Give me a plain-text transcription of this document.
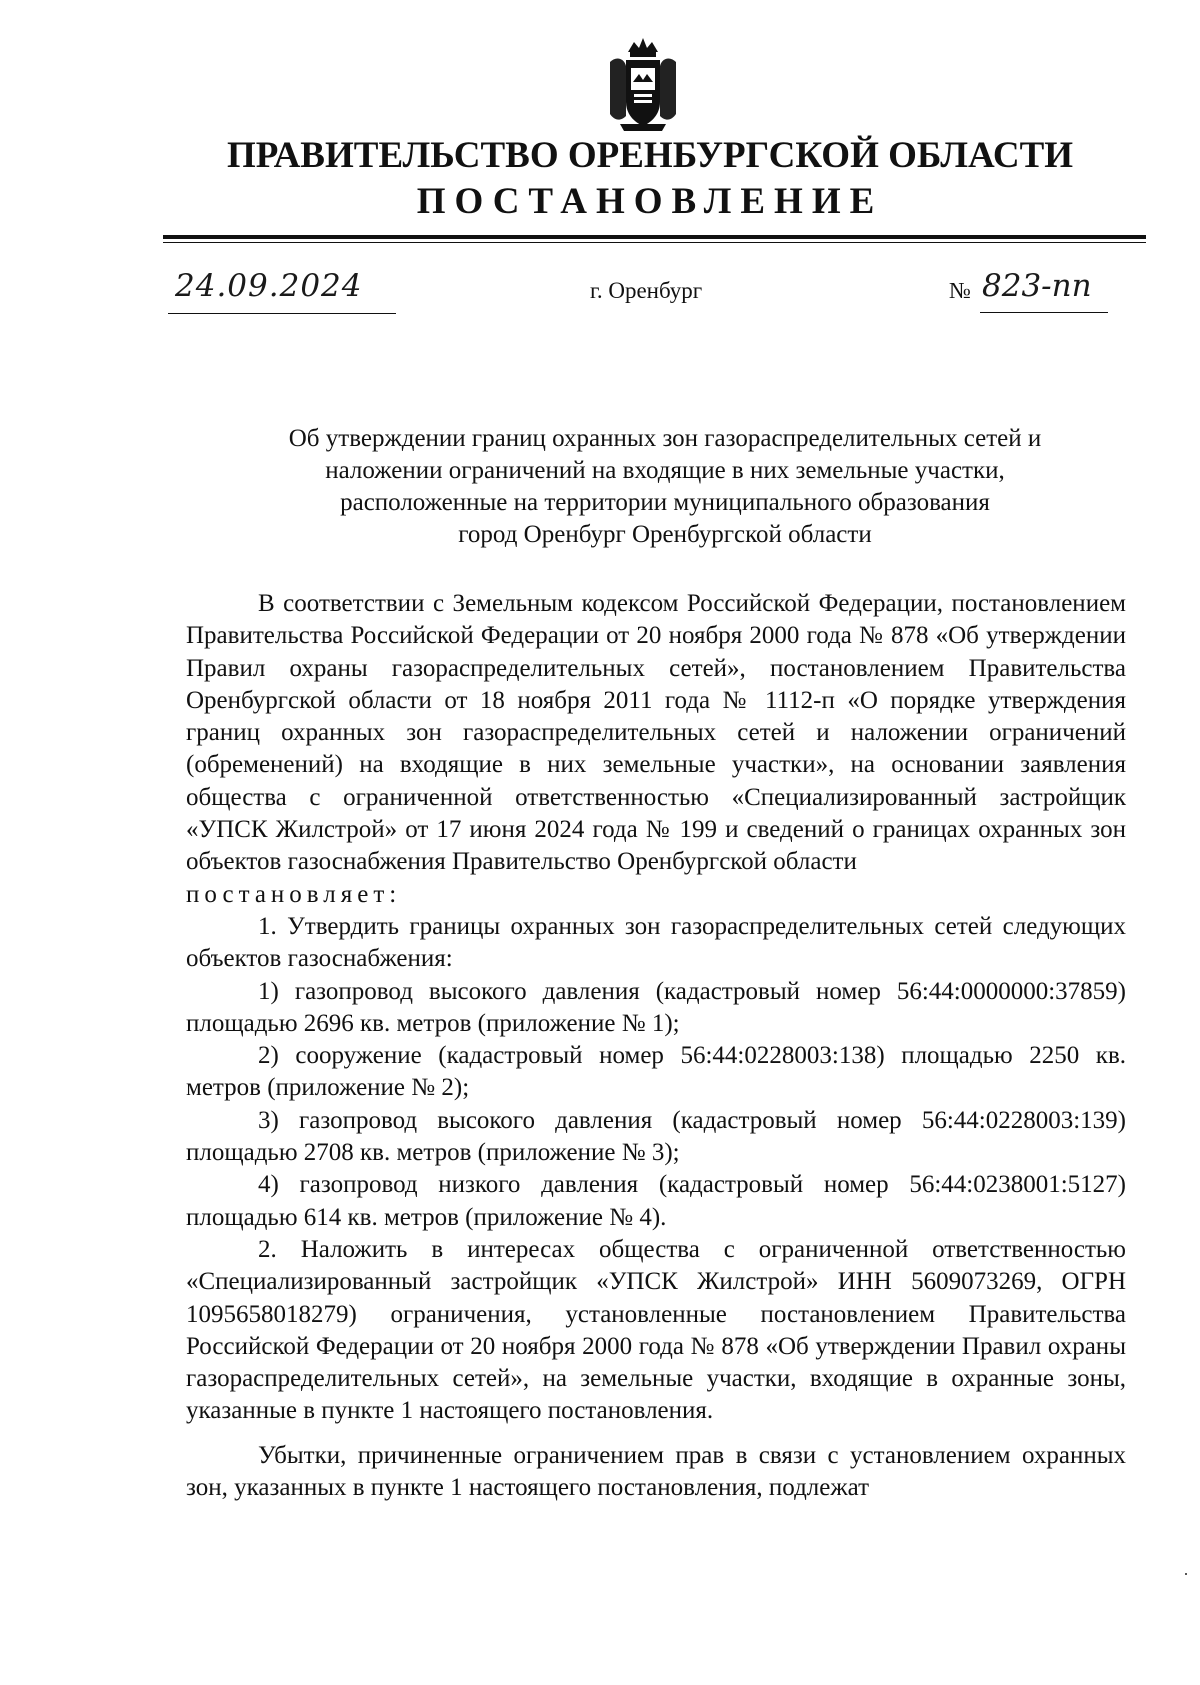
ПРАВИТЕЛЬСТВО ОРЕНБУРГСКОЙ ОБЛАСТИ
ПОСТАНОВЛЕНИЕ
24.09.2024	г. Оренбург	№ 823-пп
Об утверждении границ охранных зон газораспределительных сетей и
наложении ограничений на входящие в них земельные участки,
расположенные на территории муниципального образования
город Оренбург Оренбургской области

В соответствии с Земельным кодексом Российской Федерации, постановлением Правительства Российской Федерации от 20 ноября 2000 года № 878 «Об утверждении Правил охраны газораспределительных сетей», постановлением Правительства Оренбургской области от 18 ноября 2011 года № 1112-п «О порядке утверждения границ охранных зон газораспределительных сетей и наложении ограничений (обременений) на входящие в них земельные участки», на основании заявления общества с ограниченной ответственностью «Специализированный застройщик «УПСК Жилстрой» от 17 июня 2024 года № 199 и сведений о границах охранных зон объектов газоснабжения Правительство Оренбургской области

постановляет:

1. Утвердить границы охранных зон газораспределительных сетей следующих объектов газоснабжения:

1) газопровод высокого давления (кадастровый номер 56:44:0000000:37859) площадью 2696 кв. метров (приложение № 1);

2) сооружение (кадастровый номер 56:44:0228003:138) площадью 2250 кв. метров (приложение № 2);

3) газопровод высокого давления (кадастровый номер 56:44:0228003:139) площадью 2708 кв. метров (приложение № 3);

4) газопровод низкого давления (кадастровый номер 56:44:0238001:5127) площадью 614 кв. метров (приложение № 4).

2. Наложить в интересах общества с ограниченной ответственностью «Специализированный застройщик «УПСК Жилстрой» ИНН 5609073269, ОГРН 1095658018279) ограничения, установленные постановлением Правительства Российской Федерации от 20 ноября 2000 года № 878 «Об утверждении Правил охраны газораспределительных сетей», на земельные участки, входящие в охранные зоны, указанные в пункте 1 настоящего постановления.

Убытки, причиненные ограничением прав в связи с установлением охранных зон, указанных в пункте 1 настоящего постановления, подлежат
